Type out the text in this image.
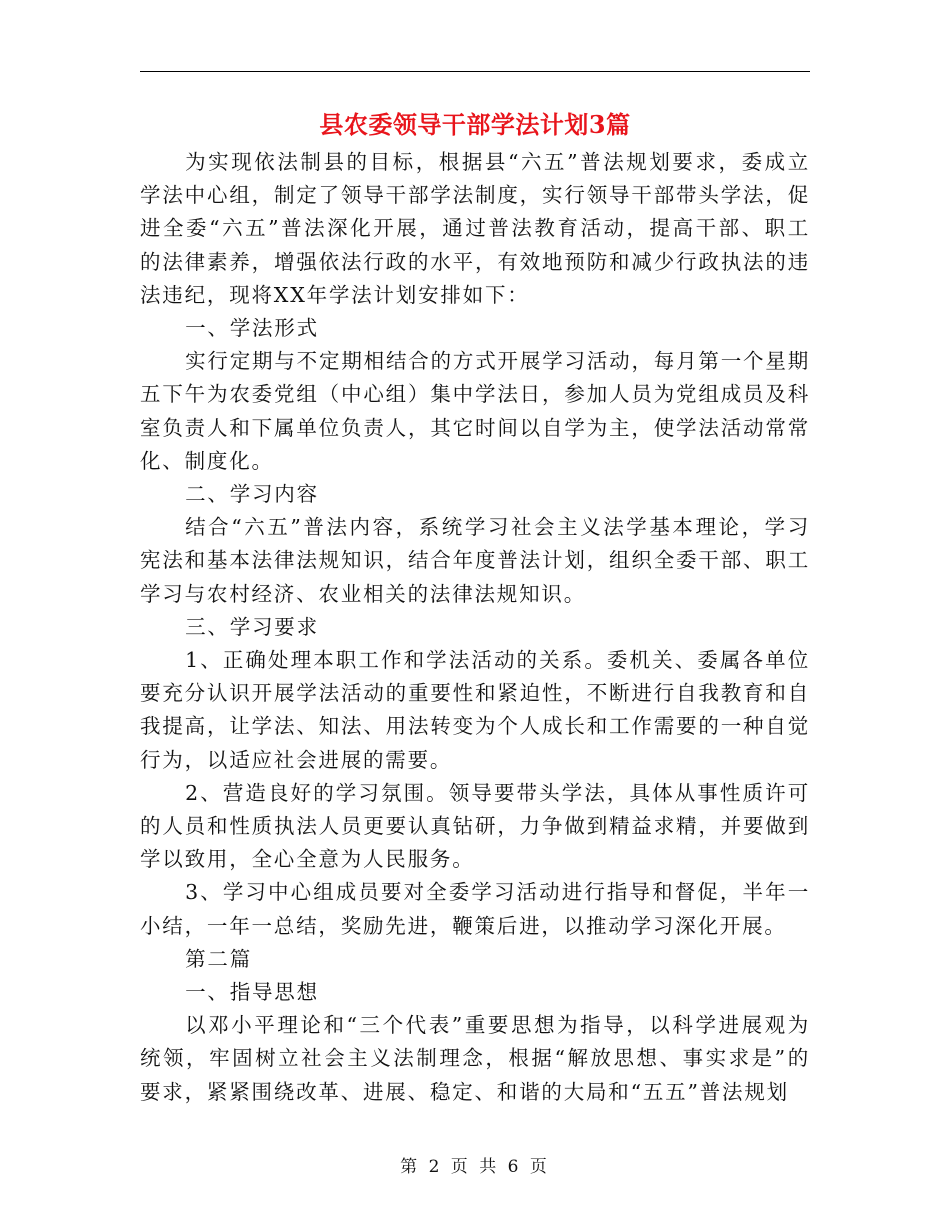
县农委领导干部学法计划3篇

为实现依法制县的目标，根据县“六五”普法规划要求，委成立学法中心组，制定了领导干部学法制度，实行领导干部带头学法，促进全委“六五”普法深化开展，通过普法教育活动，提高干部、职工的法律素养，增强依法行政的水平，有效地预防和减少行政执法的违法违纪，现将XX年学法计划安排如下：

一、学法形式

实行定期与不定期相结合的方式开展学习活动，每月第一个星期五下午为农委党组（中心组）集中学法日，参加人员为党组成员及科室负责人和下属单位负责人，其它时间以自学为主，使学法活动常常化、制度化。

二、学习内容

结合“六五”普法内容，系统学习社会主义法学基本理论，学习宪法和基本法律法规知识，结合年度普法计划，组织全委干部、职工学习与农村经济、农业相关的法律法规知识。

三、学习要求

1、正确处理本职工作和学法活动的关系。委机关、委属各单位要充分认识开展学法活动的重要性和紧迫性，不断进行自我教育和自我提高，让学法、知法、用法转变为个人成长和工作需要的一种自觉行为，以适应社会进展的需要。

2、营造良好的学习氛围。领导要带头学法，具体从事性质许可的人员和性质执法人员更要认真钻研，力争做到精益求精，并要做到学以致用，全心全意为人民服务。

3、学习中心组成员要对全委学习活动进行指导和督促，半年一小结，一年一总结，奖励先进，鞭策后进，以推动学习深化开展。

第二篇

一、指导思想

以邓小平理论和“三个代表”重要思想为指导，以科学进展观为统领，牢固树立社会主义法制理念，根据“解放思想、事实求是”的要求，紧紧围绕改革、进展、稳定、和谐的大局和“五五”普法规划

第 2 页 共 6 页
